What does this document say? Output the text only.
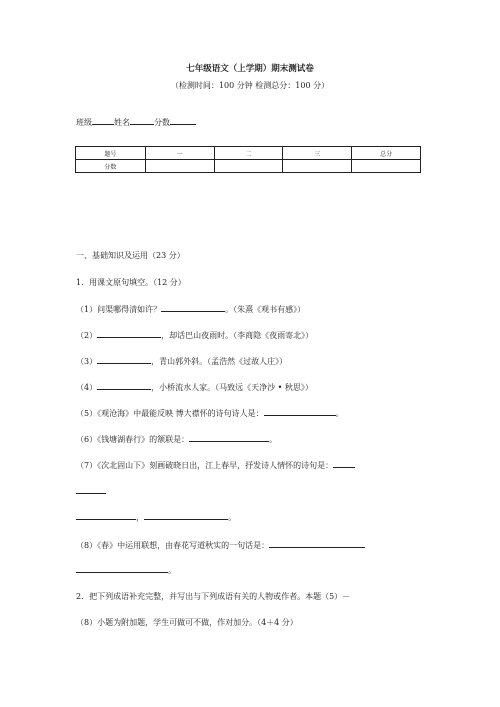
七年级语文（上学期）期末测试卷
（检测时间：100 分钟 检测总分：100 分）
班级	姓名	分数
题号	一	二	三	总分
分数				
一、基础知识及运用（23 分）
1．用课文原句填空。（12 分）
（1）问渠哪得清如许？	。（朱熹《观书有感》）
（2）	，却话巴山夜雨时。（李商隐《夜雨寄北》）
（3）	，青山郭外斜。（孟浩然《过故人庄》）
（4）	，小桥流水人家。（马致远《天净沙 • 秋思》）
（5）《观沧海》中最能反映 博大襟怀的诗句诗人是：	。
（6）《钱塘湖春行》的颔联是：	。
（7）《次北固山下》刻画破晓日出，江上春早，抒发诗人情怀的诗句是：
，	。
（8）《春》中运用联想，由春花写道秋实的一句话是：
。
2．把下列成语补充完整，并写出与下列成语有关的人物或作者。本题（5）－
（8）小题为附加题，学生可做可不做，作对加分。（4＋4 分）
